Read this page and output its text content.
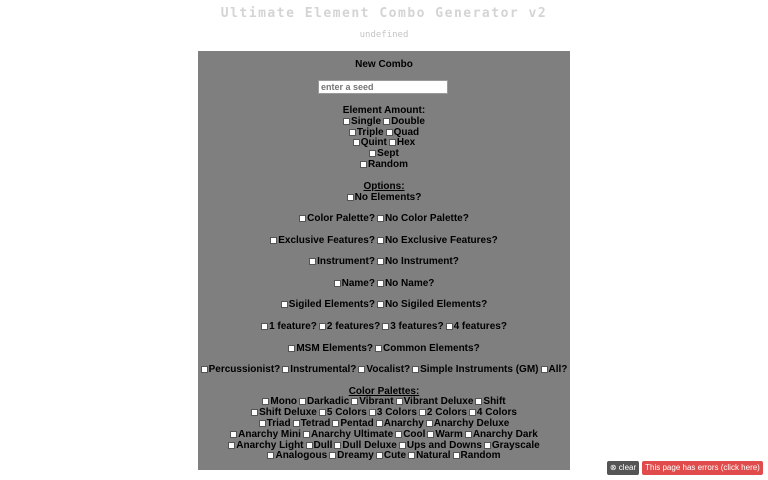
Ultimate Element Combo Generator v2
undefined
New Combo
enter a seed
Element Amount:
Single Double
Triple Quad
Quint Hex
Sept
Random
Options:
No Elements?
Color Palette? No Color Palette?
Exclusive Features? No Exclusive Features?
Instrument? No Instrument?
Name? No Name?
Sigiled Elements? No Sigiled Elements?
1 feature? 2 features? 3 features? 4 features?
MSM Elements? Common Elements?
Percussionist? Instrumental? Vocalist? Simple Instruments (GM) All?
Color Palettes:
Mono Darkadic Vibrant Vibrant Deluxe Shift
Shift Deluxe 5 Colors 3 Colors 2 Colors 4 Colors
Triad Tetrad Pentad Anarchy Anarchy Deluxe
Anarchy Mini Anarchy Ultimate Cool Warm Anarchy Dark
Anarchy Light Dull Dull Deluxe Ups and Downs Grayscale
Analogous Dreamy Cute Natural Random
⊗ clear	This page has errors (click here)
